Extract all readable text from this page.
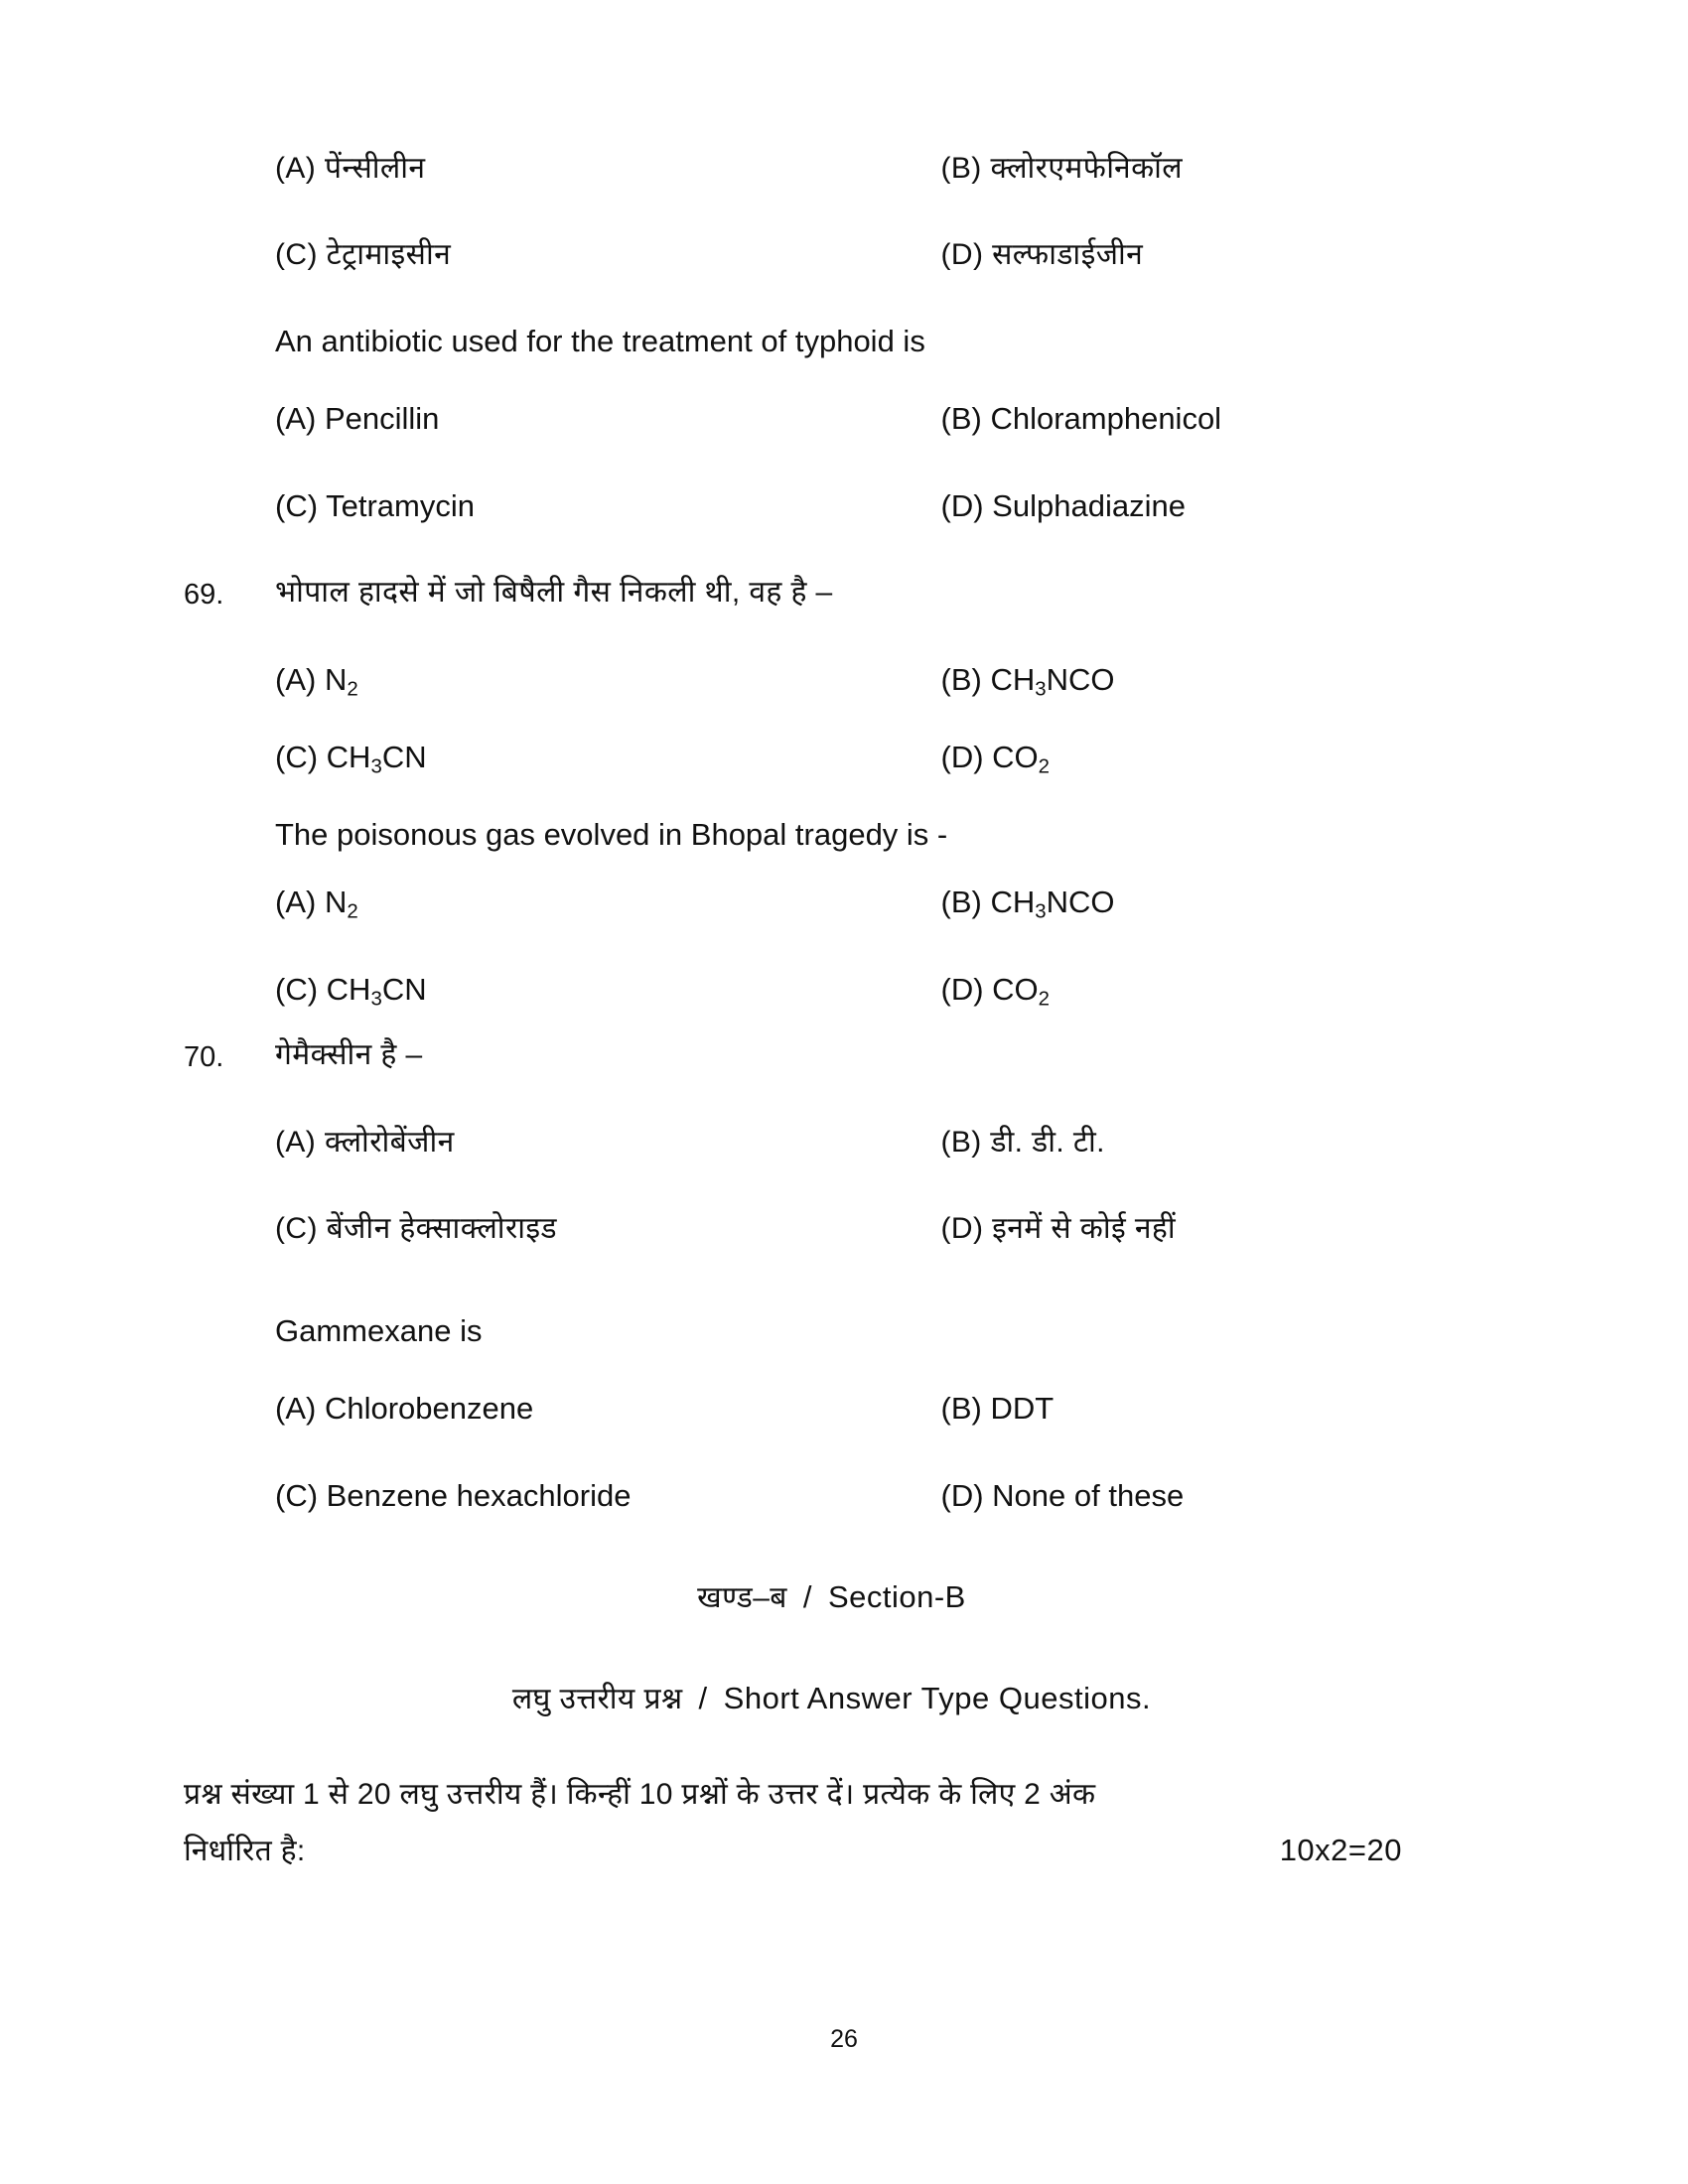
(A) पेंन्सीलीन	(B) क्लोरएमफेनिकॉल
(C) टेट्रामाइसीन	(D) सल्फाडाईजीन
An antibiotic used for the treatment of typhoid is
(A) Pencillin	(B) Chloramphenicol
(C) Tetramycin	(D) Sulphadiazine
69.	भोपाल हादसे में जो बिषैली गैस निकली थी, वह है –
(A) $N_2$	(B) $CH_3NCO$
(C) $CH_3CN$	(D) $CO_2$
The poisonous gas evolved in Bhopal tragedy is -
(A) $N_2$	(B) $CH_3NCO$
(C) $CH_3CN$	(D) $CO_2$
70.	गेमैक्सीन है –
(A) क्लोरोबेंजीन	(B) डी. डी. टी.
(C) बेंजीन हेक्साक्लोराइड	(D) इनमें से कोई नहीं
Gammexane is
(A) Chlorobenzene	(B) DDT
(C) Benzene hexachloride	(D) None of these
खण्ड–ब / Section-B
लघु उत्तरीय प्रश्न / Short Answer Type Questions.
प्रश्न संख्या 1 से 20 लघु उत्तरीय हैं। किन्हीं 10 प्रश्नों के उत्तर दें। प्रत्येक के लिए 2 अंक
निर्धारित है:	10x2=20
26
